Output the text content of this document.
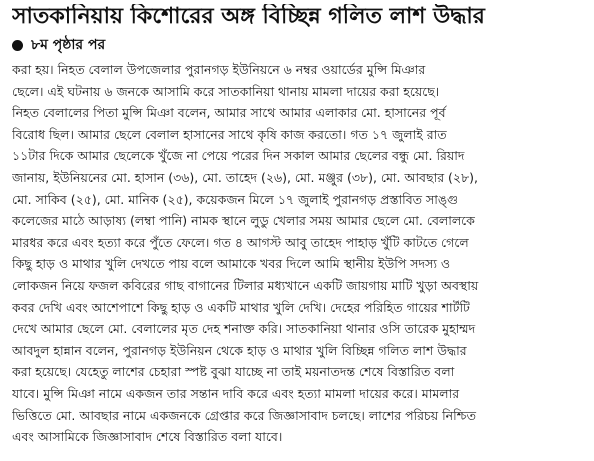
সাতকানিয়ায় কিশোরের অঙ্গ বিচ্ছিন্ন গলিত লাশ উদ্ধার
৮ম পৃষ্ঠার পর
করা হয়। নিহত বেলাল উপজেলার পুরানগড় ইউনিয়নে ৬ নম্বর ওয়ার্ডের মুন্সি মিঞার
ছেলে। এই ঘটনায় ৬ জনকে আসামি করে সাতকানিয়া থানায় মামলা দায়ের করা হয়েছে।
নিহত বেলালের পিতা মুন্সি মিঞা বলেন, আমার সাথে আমার এলাকার মো. হাসানের পূর্ব
বিরোধ ছিল। আমার ছেলে বেলাল হাসানের সাথে কৃষি কাজ করতো। গত ১৭ জুলাই রাত
১১টার দিকে আমার ছেলেকে খুঁজে না পেয়ে পরের দিন সকাল আমার ছেলের বন্ধু মো. রিয়াদ
জানায়, ইউনিয়নের মো. হাসান (৩৬), মো. তাহেদ (২৬), মো. মঞ্জুর (৩৮), মো. আবছার (২৮),
মো. সাকিব (২৫), মো. মানিক (২৫), কয়েকজন মিলে ১৭ জুলাই পুরানগড় প্রস্তাবিত সাঙ্গু
কলেজের মাঠে আড়াষ্য (লম্বা পানি) নামক স্থানে লুডু খেলার সময় আমার ছেলে মো. বেলালকে
মারধর করে এবং হত্যা করে পুঁতে ফেলে। গত ৪ আগস্ট আবু তাহেদ পাহাড় খুঁটি কাটতে গেলে
কিছু হাড় ও মাথার খুলি দেখতে পায় বলে আমাকে খবর দিলে আমি স্থানীয় ইউপি সদস্য ও
লোকজন নিয়ে ফজল কবিরের গাছ বাগানের টিলার মধ্যখানে একটি জায়গায় মাটি খুড়া অবস্থায়
কবর দেখি এবং আশেপাশে কিছু হাড় ও একটি মাথার খুলি দেখি। দেহের পরিহিত গায়ের শার্টটি
দেখে আমার ছেলে মো. বেলালের মৃত দেহ শনাক্ত করি। সাতকানিয়া থানার ওসি তারেক মুহাম্মদ
আবদুল হান্নান বলেন, পুরানগড় ইউনিয়ন থেকে হাড় ও মাথার খুলি বিচ্ছিন্ন গলিত লাশ উদ্ধার
করা হয়েছে। যেহেতু লাশের চেহারা স্পষ্ট বুঝা যাচ্ছে না তাই ময়নাতদন্ত শেষে বিস্তারিত বলা
যাবে। মুন্সি মিঞা নামে একজন তার সন্তান দাবি করে এবং হত্যা মামলা দায়ের করে। মামলার
ভিত্তিতে মো. আবছার নামে একজনকে গ্রেপ্তার করে জিজ্ঞাসাবাদ চলছে। লাশের পরিচয় নিশ্চিত
এবং আসামিকে জিজ্ঞাসাবাদ শেষে বিস্তারিত বলা যাবে।
